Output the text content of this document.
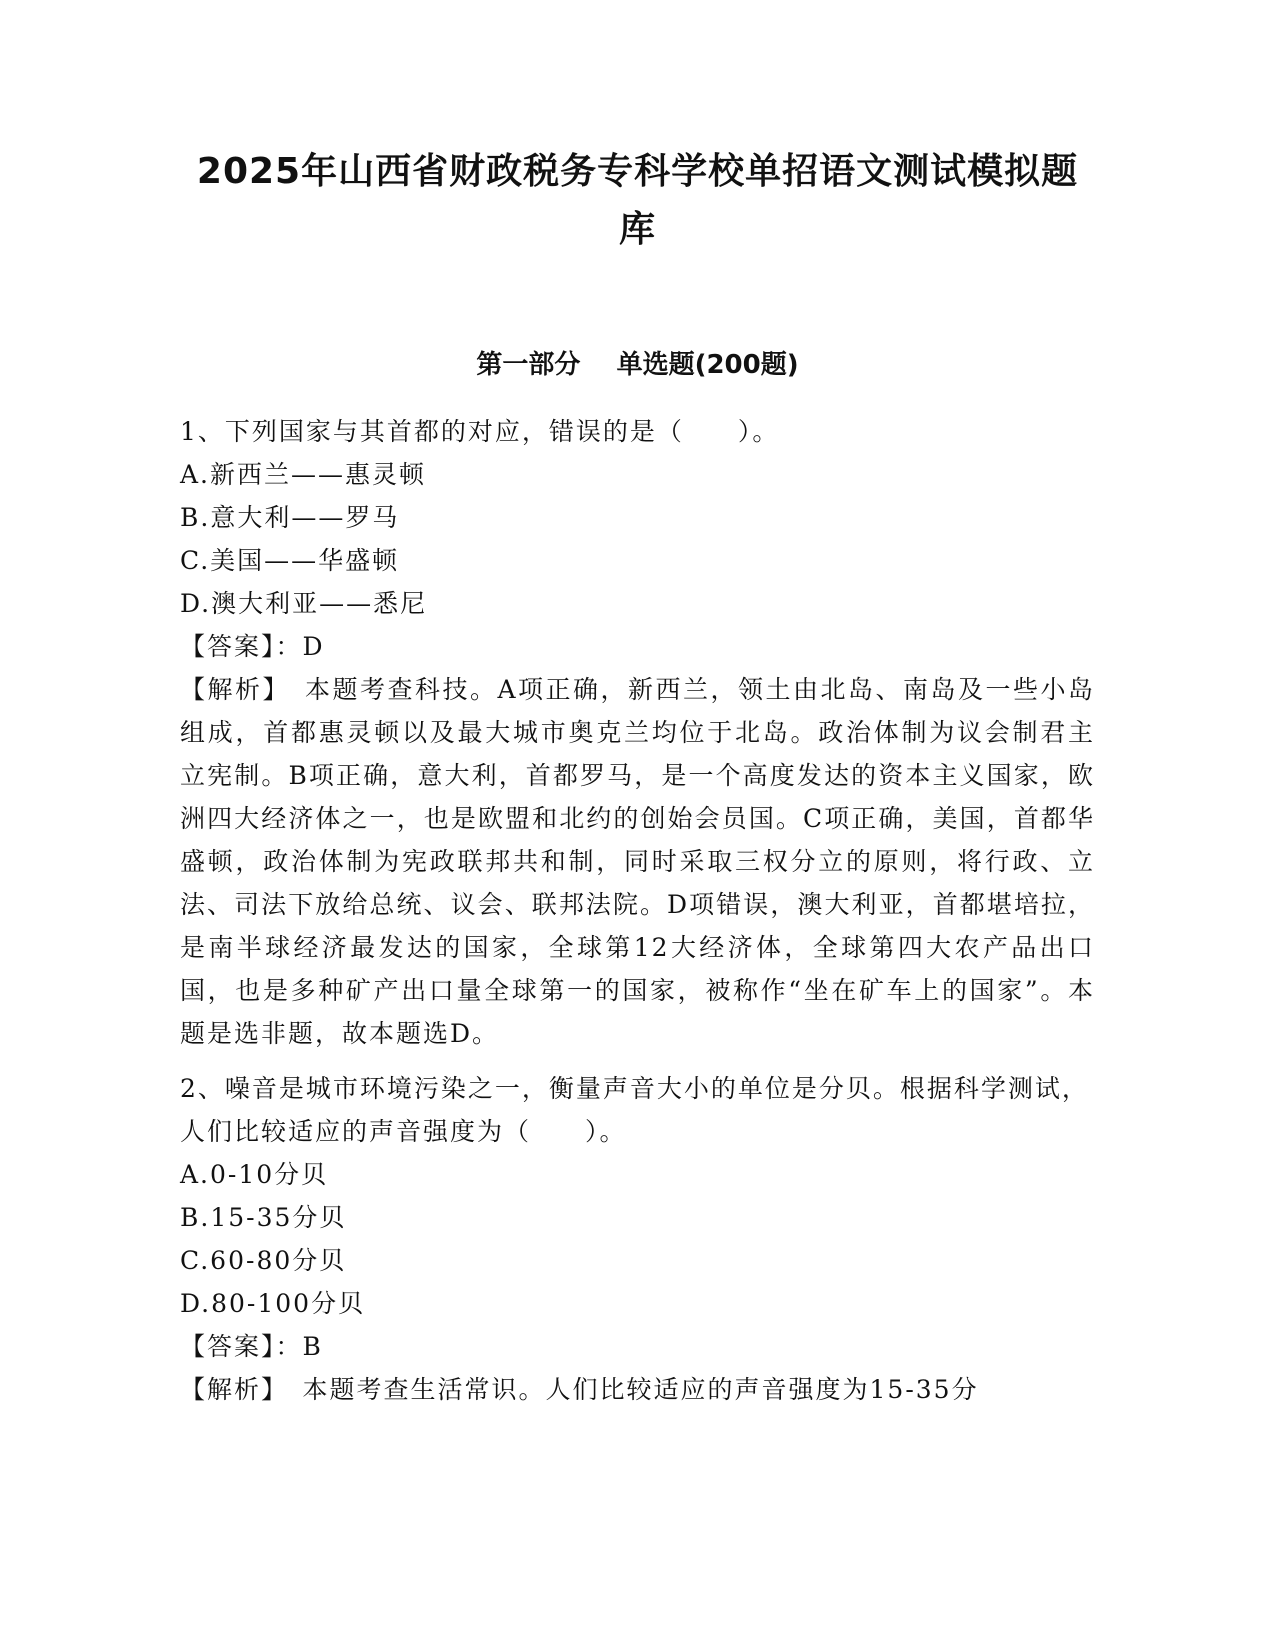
2025年山西省财政税务专科学校单招语文测试模拟题库
第一部分    单选题(200题)
1、下列国家与其首都的对应，错误的是（　　）。
A.新西兰——惠灵顿
B.意大利——罗马
C.美国——华盛顿
D.澳大利亚——悉尼
【答案】：D
【解析】　本题考查科技。A项正确，新西兰，领土由北岛、南岛及一些小岛组成，首都惠灵顿以及最大城市奥克兰均位于北岛。政治体制为议会制君主立宪制。B项正确，意大利，首都罗马，是一个高度发达的资本主义国家，欧洲四大经济体之一，也是欧盟和北约的创始会员国。C项正确，美国，首都华盛顿，政治体制为宪政联邦共和制，同时采取三权分立的原则，将行政、立法、司法下放给总统、议会、联邦法院。D项错误，澳大利亚，首都堪培拉，是南半球经济最发达的国家，全球第12大经济体，全球第四大农产品出口国，也是多种矿产出口量全球第一的国家，被称作“坐在矿车上的国家”。本题是选非题，故本题选D。
2、噪音是城市环境污染之一，衡量声音大小的单位是分贝。根据科学测试，人们比较适应的声音强度为（　　）。
A.0-10分贝
B.15-35分贝
C.60-80分贝
D.80-100分贝
【答案】：B
【解析】　本题考查生活常识。人们比较适应的声音强度为15-35分
